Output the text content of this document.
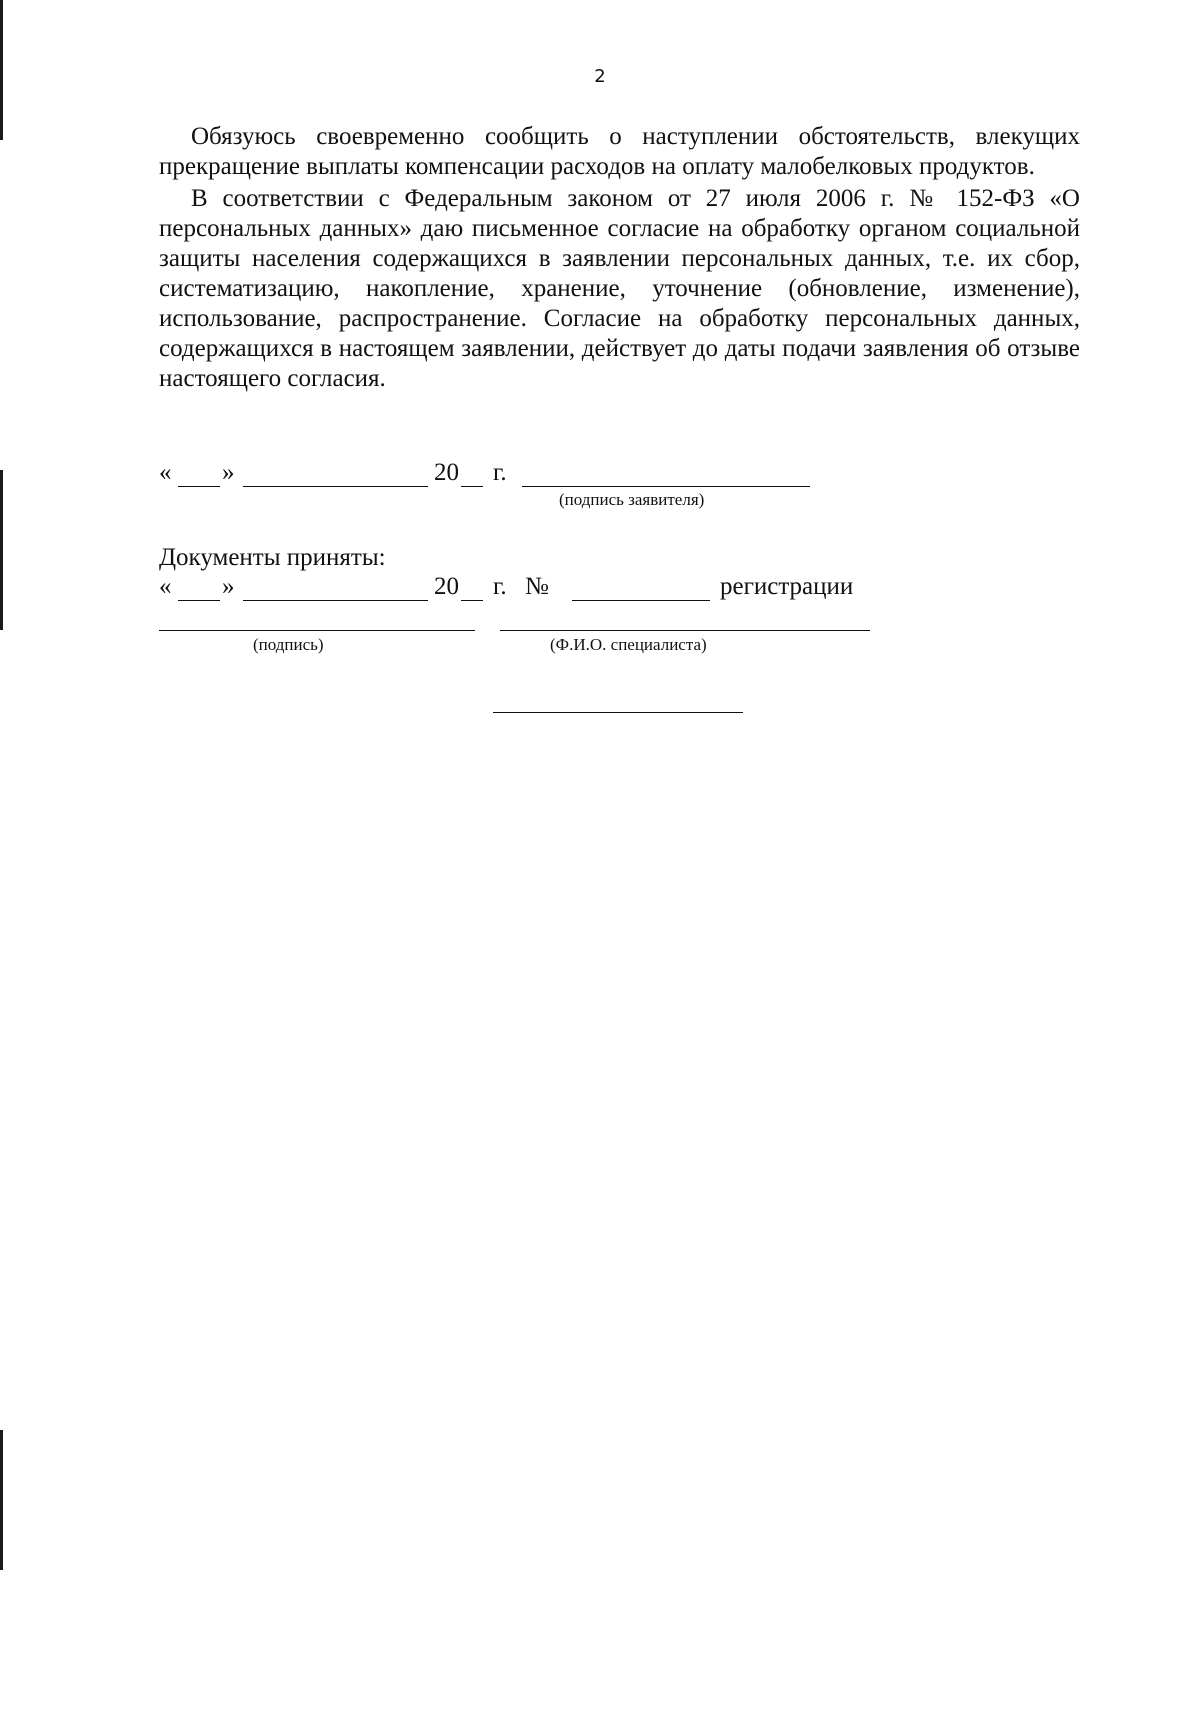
2

Обязуюсь своевременно сообщить о наступлении обстоятельств, влекущих прекращение выплаты компенсации расходов на оплату малобелковых продуктов.

В соответствии с Федеральным законом от 27 июля 2006 г. № 152-ФЗ «О персональных данных» даю письменное согласие на обработку органом социальной защиты населения содержащихся в заявлении персональных данных, т.е. их сбор, систематизацию, накопление, хранение, уточнение (обновление, изменение), использование, распространение. Согласие на обработку персональных данных, содержащихся в настоящем заявлении, действует до даты подачи заявления об отзыве настоящего согласия.

« »	20 г.
(подпись заявителя)
Документы приняты:
« »	20 г. №	регистрации
(подпись)	(Ф.И.О. специалиста)
